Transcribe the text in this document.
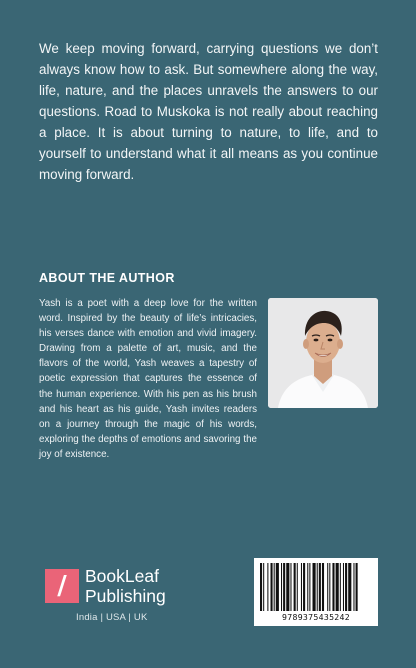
We keep moving forward, carrying questions we don’t always know how to ask. But somewhere along the way, life, nature, and the places unravels the answers to our questions. Road to Muskoka is not really about reaching a place. It is about turning to nature, to life, and to yourself to understand what it all means as you continue moving forward.

ABOUT THE AUTHOR

Yash is a poet with a deep love for the written word. Inspired by the beauty of life’s intricacies, his verses dance with emotion and vivid imagery. Drawing from a palette of art, music, and the flavors of the world, Yash weaves a tapestry of poetic expression that captures the essence of the human experience. With his pen as his brush and his heart as his guide, Yash invites readers on a journey through the magic of his words, exploring the depths of emotions and savoring the joy of existence.

/ BookLeaf
Publishing

India | USA | UK	9789375435242
